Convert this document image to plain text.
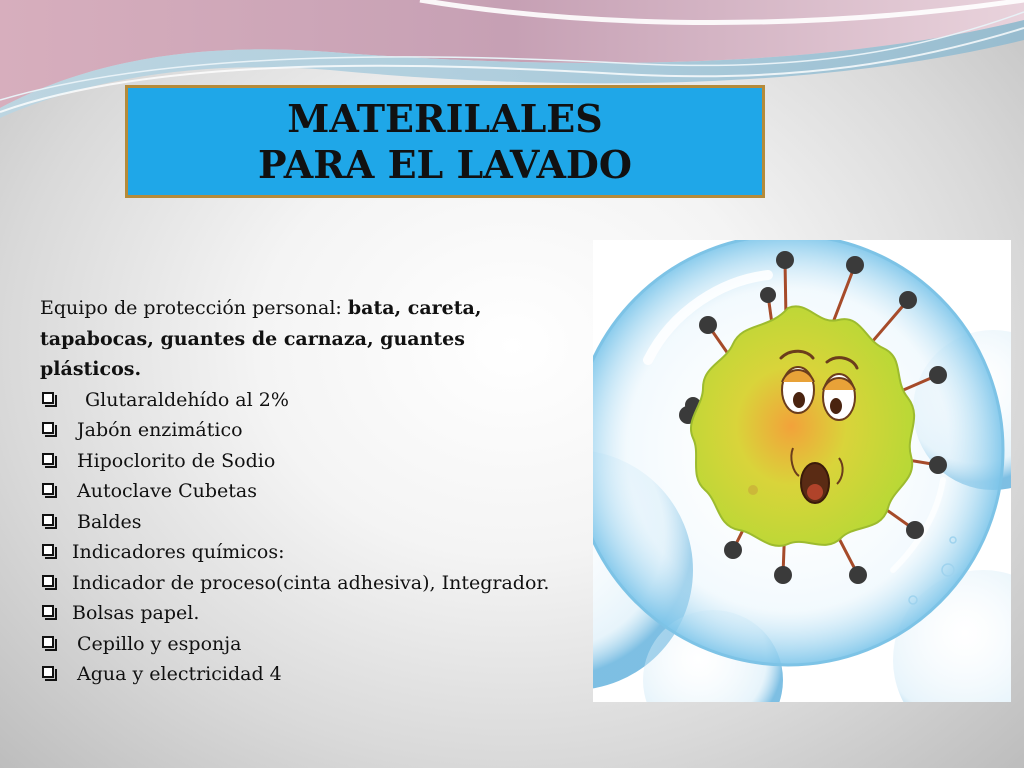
MATERILALES PARA EL LAVADO

Equipo de protección personal: bata, careta, tapabocas, guantes de carnaza, guantes plásticos.

Glutaraldehído al 2%
Jabón enzimático
Hipoclorito de Sodio
Autoclave Cubetas
Baldes
Indicadores químicos:
Indicador de proceso(cinta adhesiva), Integrador.
Bolsas papel.
Cepillo y esponja
Agua y electricidad 4
